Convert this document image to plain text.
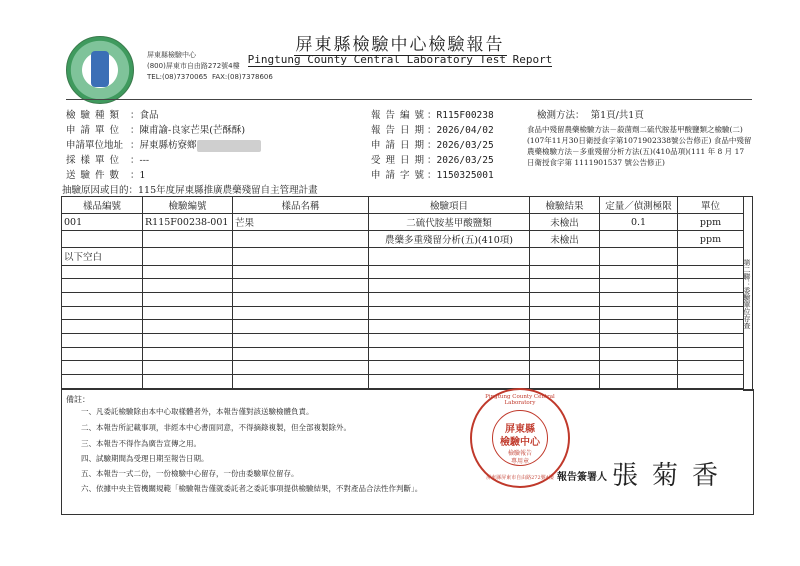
屏東縣檢驗中心
(800)屏東市自由路272號4樓
TEL:(08)7370065 FAX:(08)7378606
屏東縣檢驗中心檢驗報告
Pingtung County Central Laboratory Test Report
檢 驗 種 類 ：食品
申 請 單 位 ：陳甫諭-良家芒果(芒酥酥)
申請單位地址 ：屏東縣枋寮鄉
採 樣 單 位 ：---
送 驗 件 數 ：1
報 告 編 號 ：R115F00238
報 告 日 期 ：2026/04/02
申 請 日 期 ：2026/03/25
受 理 日 期 ：2026/03/25
申 請 字 號 ：1150325001
檢測方法： 第1頁/共1頁
食品中殘留農藥檢驗方法－殺菌劑二硫代胺基甲酸鹽類之檢驗(二)(107年11月30日衛授食字第1071902338號公告修正) 食品中殘留農藥檢驗方法－多重殘留分析方法(五)(410品項)(111 年 8 月 17 日衛授食字第 1111901537 號公告修正)
抽驗原因或目的：115年度屏東縣推廣農藥殘留自主管理計畫
樣品編號	檢驗編號	樣品名稱	檢驗項目	檢驗結果	定量／偵測極限	單位
001	R115F00238-001	芒果	二硫代胺基甲酸鹽類	未檢出	0.1	ppm
			農藥多重殘留分析(五)(410項)	未檢出		ppm
以下空白						

第二聯：委驗單位存查
備註：
一、凡委託檢驗除由本中心取樣體者外，本報告僅對該送驗檢體負責。
二、本報告所記載事項，非經本中心書面同意，不得摘錄複製，但全部複製除外。
三、本報告不得作為廣告宣傳之用。
四、試驗期間為受理日期至報告日期。
五、本報告一式二份，一份檢驗中心留存，一份由委驗單位留存。
六、依據中央主管機關規範「檢驗報告僅就委託者之委託事項提供檢驗結果，不對產品合法性作判斷」。
Pingtung County Central Laboratory
屏東縣
檢驗中心
檢驗報告
專用章
屏東縣屏東市自由路272號4樓 報告簽署人 張菊香
